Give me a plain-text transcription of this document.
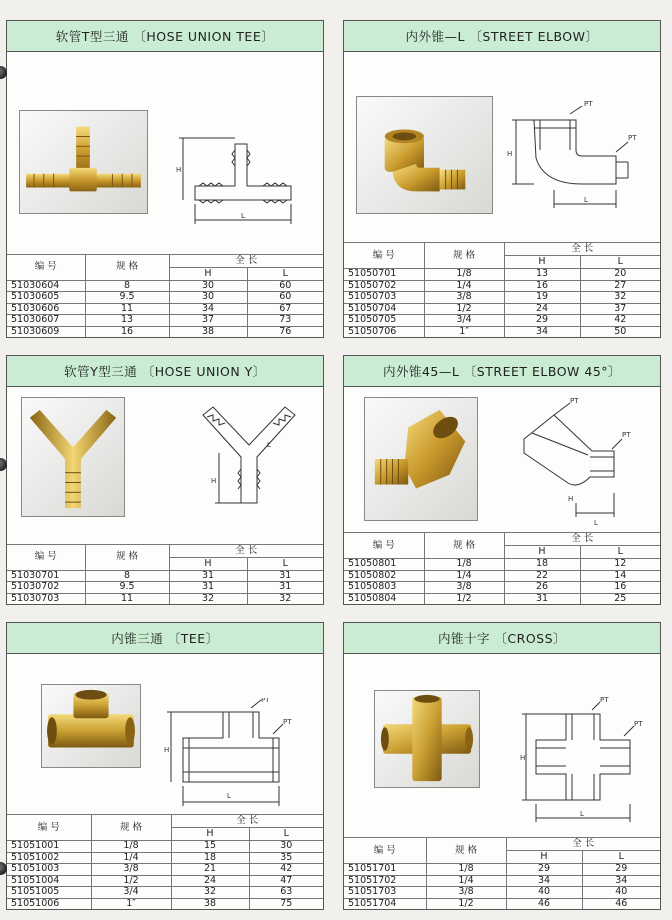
软管T型三通 〔HOSE UNION TEE〕
H
L
编 号	规 格	全 长	
		H	L
51030604	8	30	60
51030605	9.5	30	60
51030606	11	34	67
51030607	13	37	73
51030609	16	38	76
内外锥—L 〔STREET ELBOW〕
PT
PT
H
L
编 号	规 格	全 长	
		H	L
51050701	1/8	13	20
51050702	1/4	16	27
51050703	3/8	19	32
51050704	1/2	24	37
51050705	3/4	29	42
51050706	1″	34	50
软管Y型三通 〔HOSE UNION Y〕
H
L
编 号	规 格	全 长	
		H	L
51030701	8	31	31
51030702	9.5	31	31
51030703	11	32	32
内外锥45—L 〔STREET ELBOW 45°〕
PT
PT
H
L
编 号	规 格	全 长	
		H	L
51050801	1/8	18	12
51050802	1/4	22	14
51050803	3/8	26	16
51050804	1/2	31	25
内锥三通 〔TEE〕
PT
PT
H
L
编 号	规 格	全 长	
		H	L
51051001	1/8	15	30
51051002	1/4	18	35
51051003	3/8	21	42
51051004	1/2	24	47
51051005	3/4	32	63
51051006	1″	38	75
内锥十字 〔CROSS〕
PT
PT
H
L
编 号	规 格	全 长	
		H	L
51051701	1/8	29	29
51051702	1/4	34	34
51051703	3/8	40	40
51051704	1/2	46	46
